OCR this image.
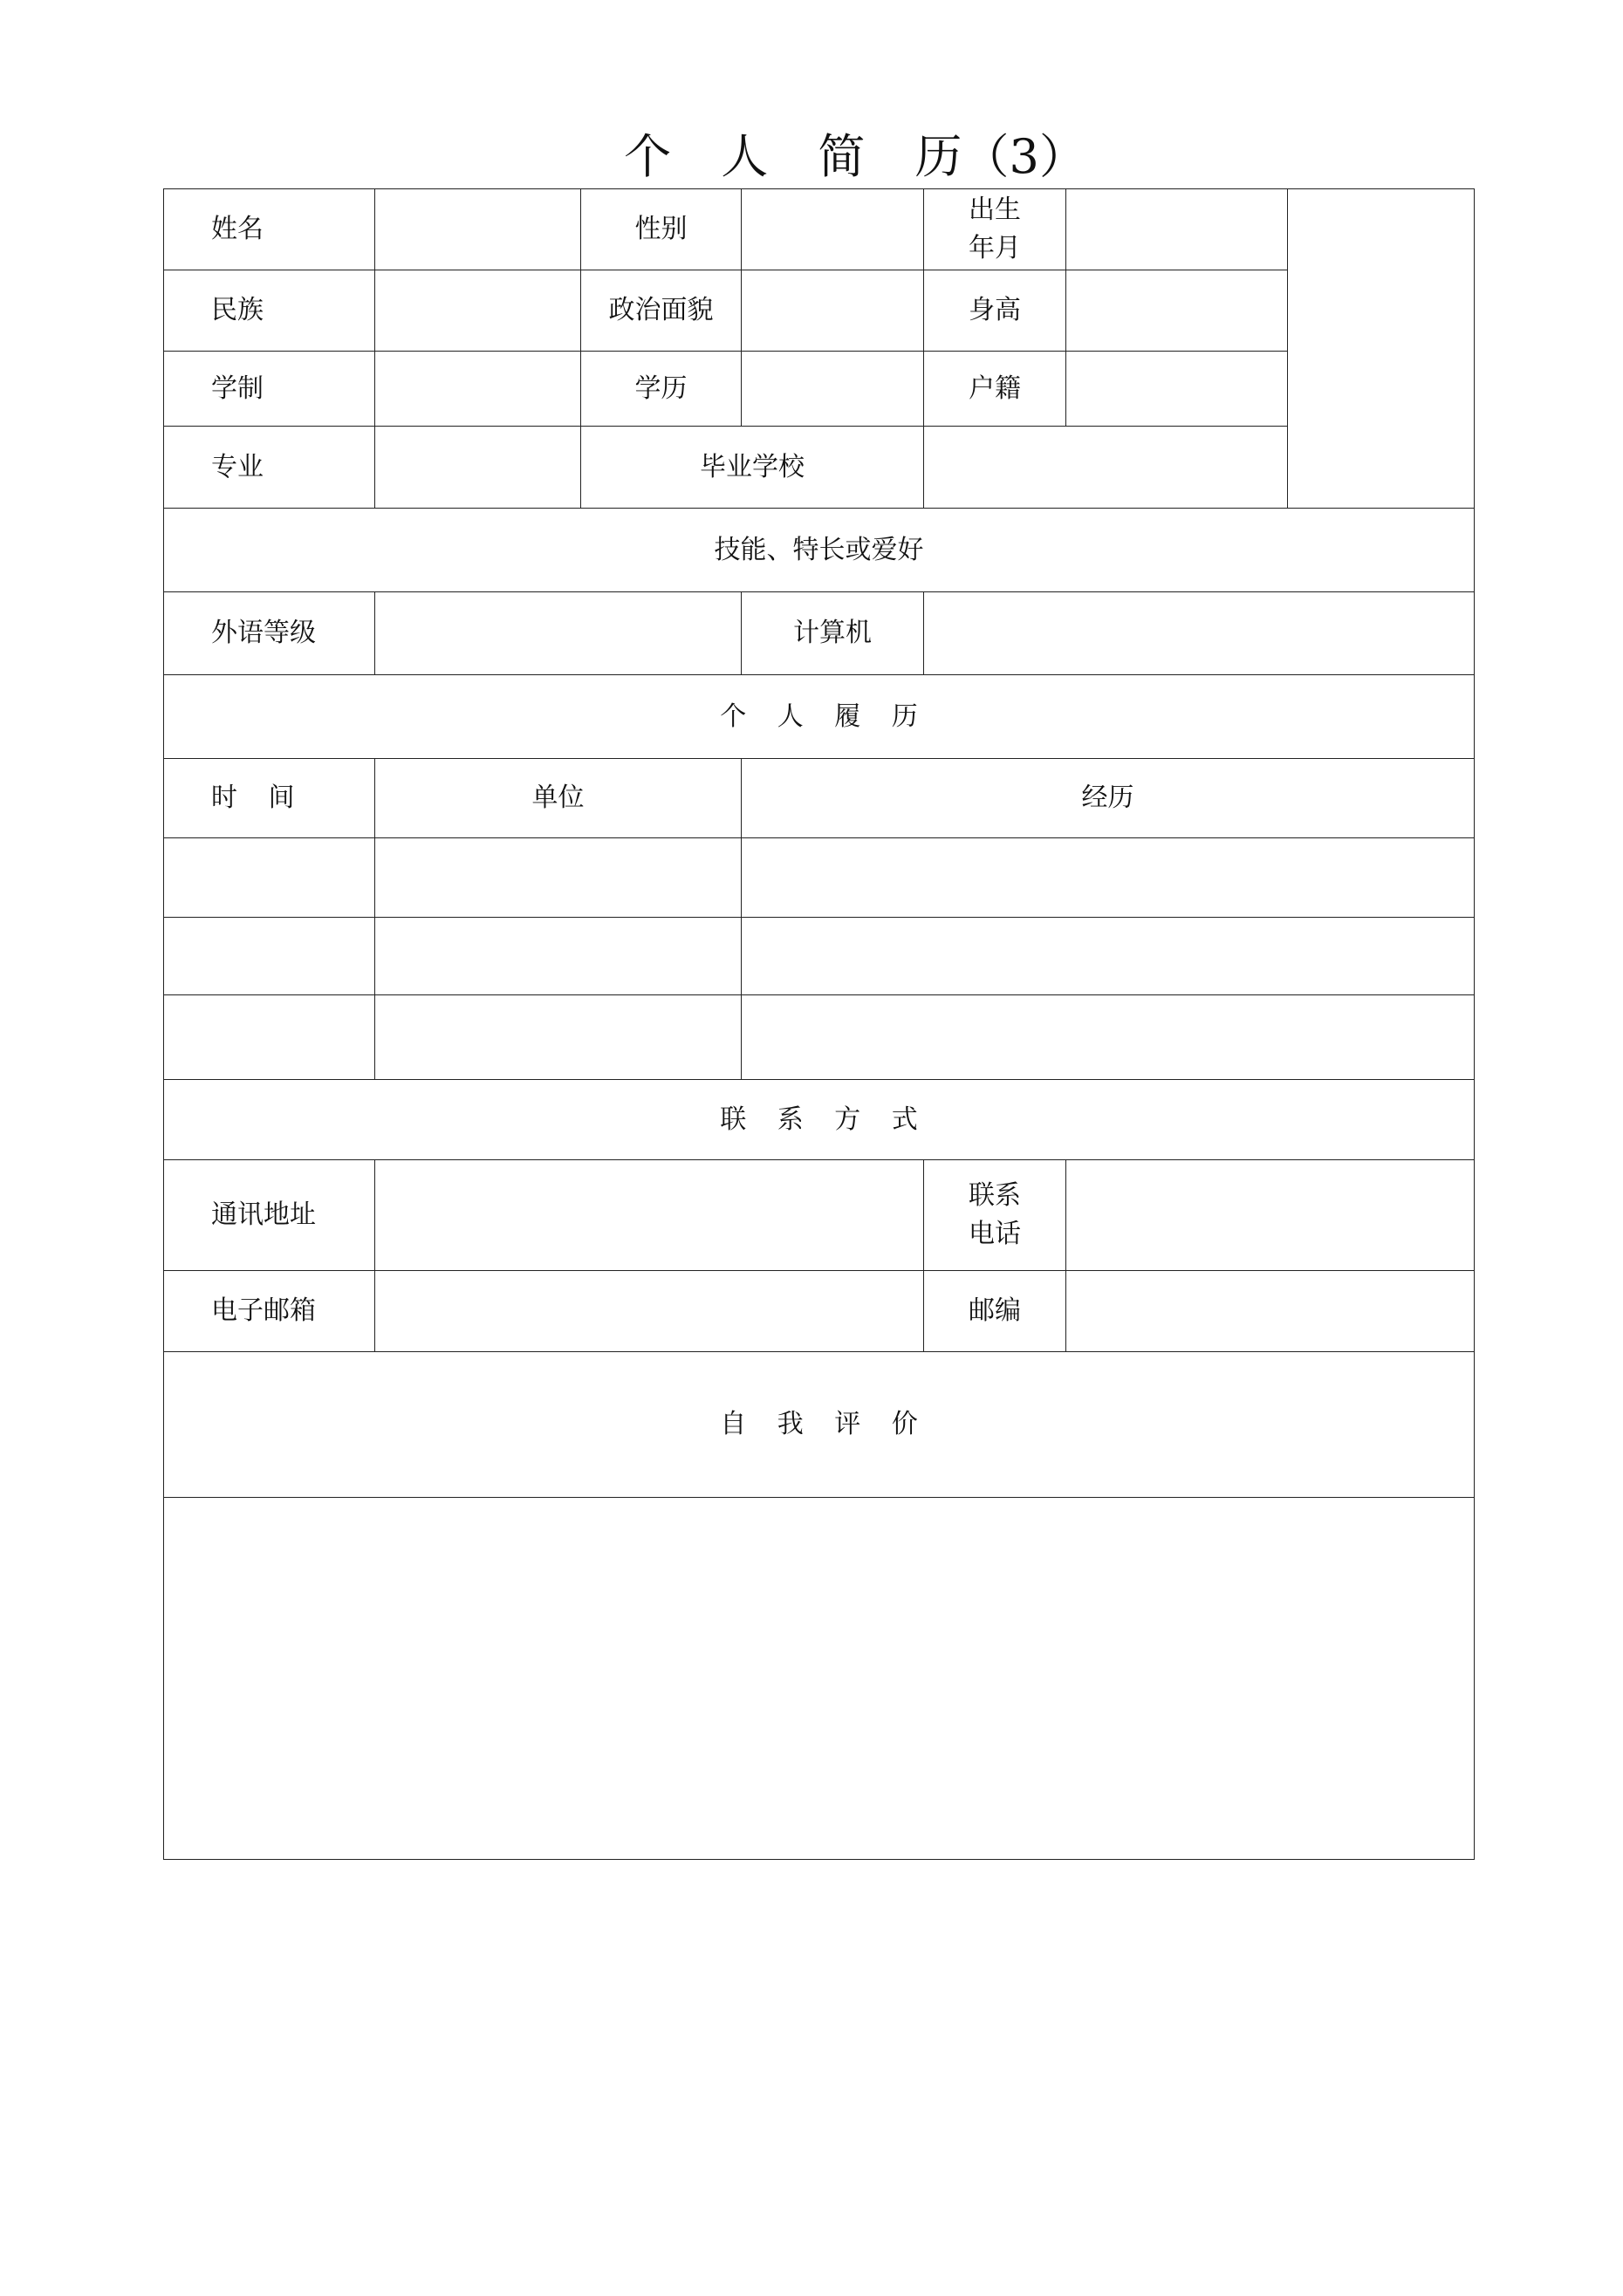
个 人 简 历（3）
姓名		性别		出生
年月		

民族		政治面貌		身高		
学制		学历		户籍		
专业		毕业学校				
技能、特长或爱好						
外语等级			计算机			
个 人 履 历						
时 间	单位		经历			

联 系 方 式						
通讯地址				联系
电话		

电子邮箱				邮编		
自 我 评 价						
